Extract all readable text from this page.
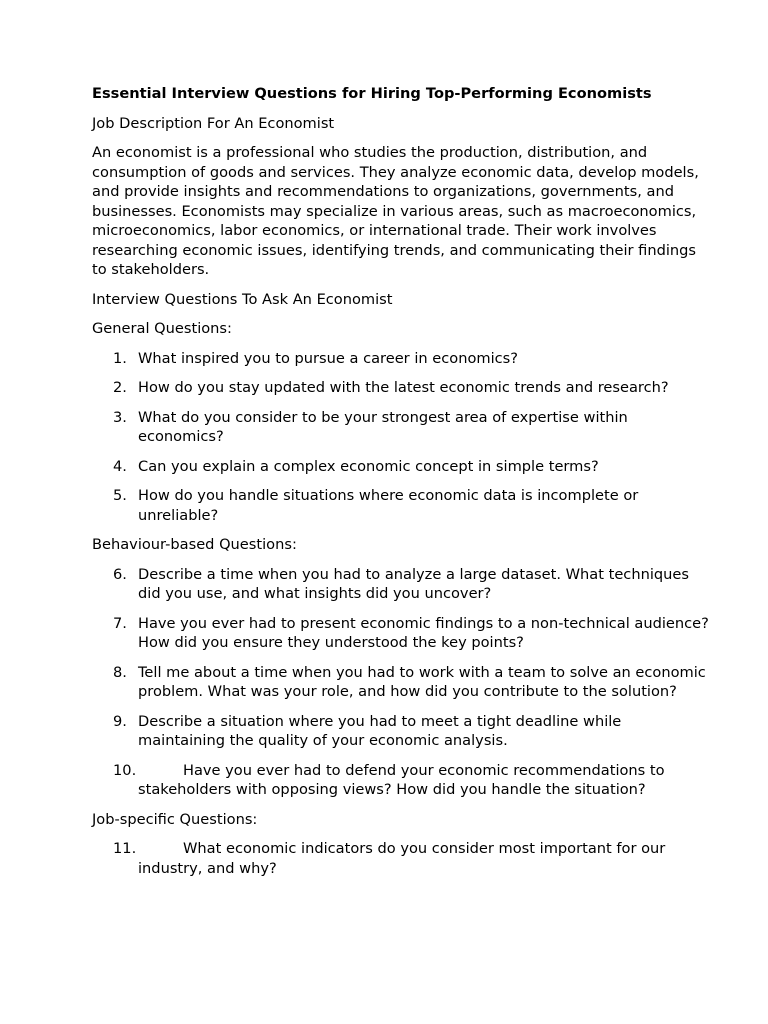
Essential Interview Questions for Hiring Top-Performing Economists
Job Description For An Economist
An economist is a professional who studies the production, distribution, and consumption of goods and services. They analyze economic data, develop models, and provide insights and recommendations to organizations, governments, and businesses. Economists may specialize in various areas, such as macroeconomics, microeconomics, labor economics, or international trade. Their work involves researching economic issues, identifying trends, and communicating their findings to stakeholders.
Interview Questions To Ask An Economist
General Questions:
1. What inspired you to pursue a career in economics?
2. How do you stay updated with the latest economic trends and research?
3. What do you consider to be your strongest area of expertise within economics?
4. Can you explain a complex economic concept in simple terms?
5. How do you handle situations where economic data is incomplete or unreliable?
Behaviour-based Questions:
6. Describe a time when you had to analyze a large dataset. What techniques did you use, and what insights did you uncover?
7. Have you ever had to present economic findings to a non-technical audience? How did you ensure they understood the key points?
8. Tell me about a time when you had to work with a team to solve an economic problem. What was your role, and how did you contribute to the solution?
9. Describe a situation where you had to meet a tight deadline while maintaining the quality of your economic analysis.
10.	Have you ever had to defend your economic recommendations to stakeholders with opposing views? How did you handle the situation?
Job-specific Questions:
11.	What economic indicators do you consider most important for our industry, and why?
